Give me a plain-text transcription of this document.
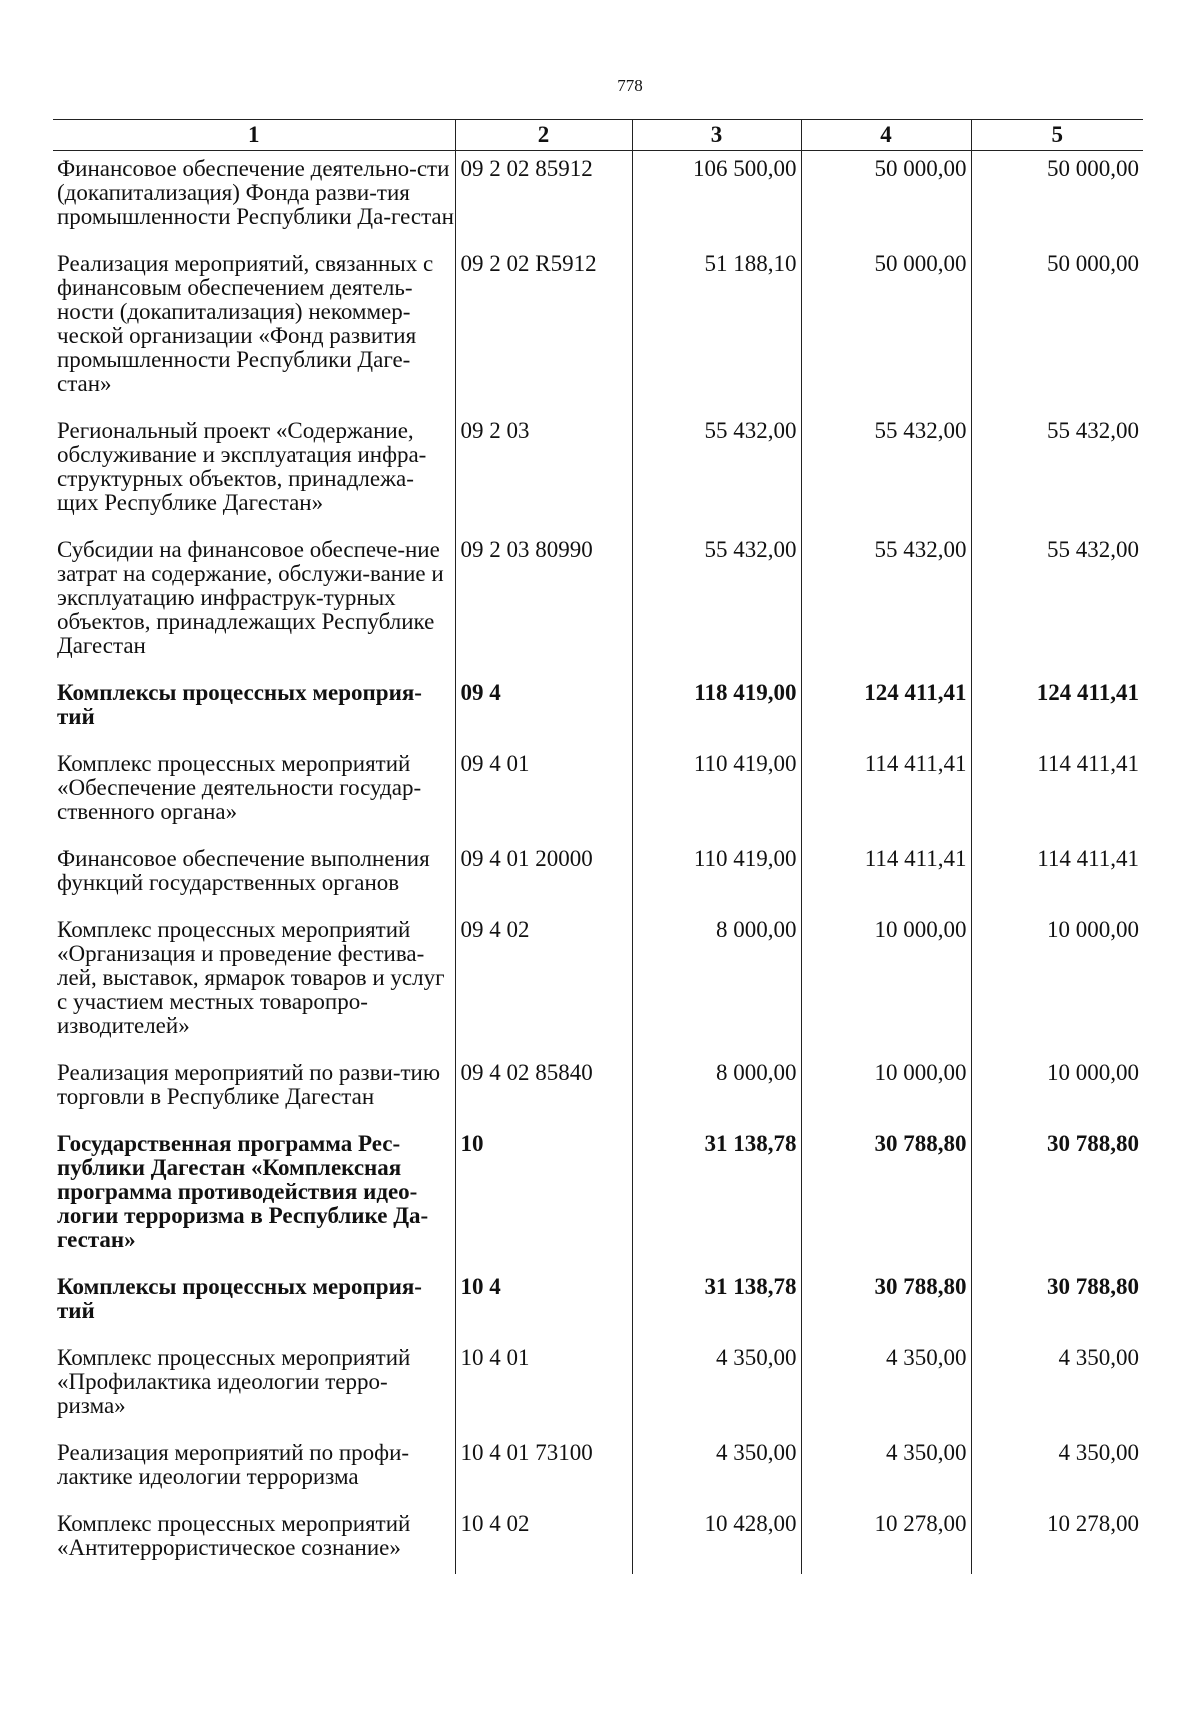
778
1	2	3	4	5
Финансовое обеспечение деятельно-сти (докапитализация) Фонда разви-тия промышленности Республики Да-гестан	09 2 02 85912	106 500,00	50 000,00	50 000,00
Реализация мероприятий, связанных с финансовым обеспечением деятель-ности (докапитализация) некоммер-ческой организации «Фонд развития промышленности Республики Даге-стан»	09 2 02 R5912	51 188,10	50 000,00	50 000,00
Региональный проект «Содержание, обслуживание и эксплуатация инфра-структурных объектов, принадлежа-щих Республике Дагестан»	09 2 03	55 432,00	55 432,00	55 432,00
Субсидии на финансовое обеспече-ние затрат на содержание, обслужи-вание и эксплуатацию инфраструк-турных объектов, принадлежащих Республике Дагестан	09 2 03 80990	55 432,00	55 432,00	55 432,00
Комплексы процессных мероприя-тий	09 4	118 419,00	124 411,41	124 411,41
Комплекс процессных мероприятий «Обеспечение деятельности государ-ственного органа»	09 4 01	110 419,00	114 411,41	114 411,41
Финансовое обеспечение выполнения функций государственных органов	09 4 01 20000	110 419,00	114 411,41	114 411,41
Комплекс процессных мероприятий «Организация и проведение фестива-лей, выставок, ярмарок товаров и услуг с участием местных товаропро-изводителей»	09 4 02	8 000,00	10 000,00	10 000,00
Реализация мероприятий по разви-тию торговли в Республике Дагестан	09 4 02 85840	8 000,00	10 000,00	10 000,00
Государственная программа Рес-публики Дагестан «Комплексная программа противодействия идео-логии терроризма в Республике Да-гестан»	10	31 138,78	30 788,80	30 788,80
Комплексы процессных мероприя-тий	10 4	31 138,78	30 788,80	30 788,80
Комплекс процессных мероприятий «Профилактика идеологии терро-ризма»	10 4 01	4 350,00	4 350,00	4 350,00
Реализация мероприятий по профи-лактике идеологии терроризма	10 4 01 73100	4 350,00	4 350,00	4 350,00
Комплекс процессных мероприятий «Антитеррористическое сознание»	10 4 02	10 428,00	10 278,00	10 278,00
